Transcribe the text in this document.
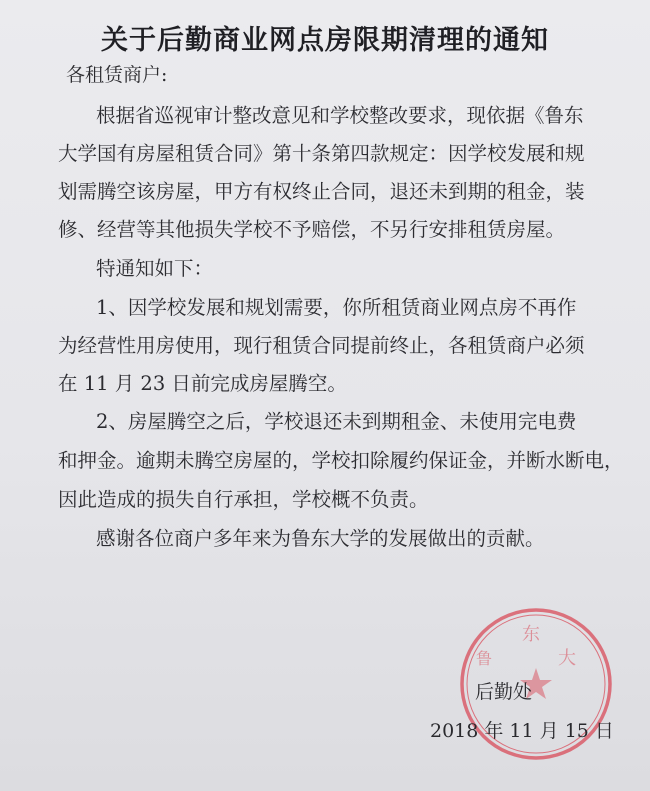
关于后勤商业网点房限期清理的通知
各租赁商户:
根据省巡视审计整改意见和学校整改要求，现依据《鲁东
大学国有房屋租赁合同》第十条第四款规定：因学校发展和规
划需腾空该房屋，甲方有权终止合同，退还未到期的租金，装
修、经营等其他损失学校不予赔偿，不另行安排租赁房屋。
特通知如下：
1、因学校发展和规划需要，你所租赁商业网点房不再作
为经营性用房使用，现行租赁合同提前终止，各租赁商户必须
在 11 月 23 日前完成房屋腾空。
2、房屋腾空之后，学校退还未到期租金、未使用完电费
和押金。逾期未腾空房屋的，学校扣除履约保证金，并断水断电，
因此造成的损失自行承担，学校概不负责。
感谢各位商户多年来为鲁东大学的发展做出的贡献。
东
大
鲁
后勤处
2018 年 11 月 15 日
